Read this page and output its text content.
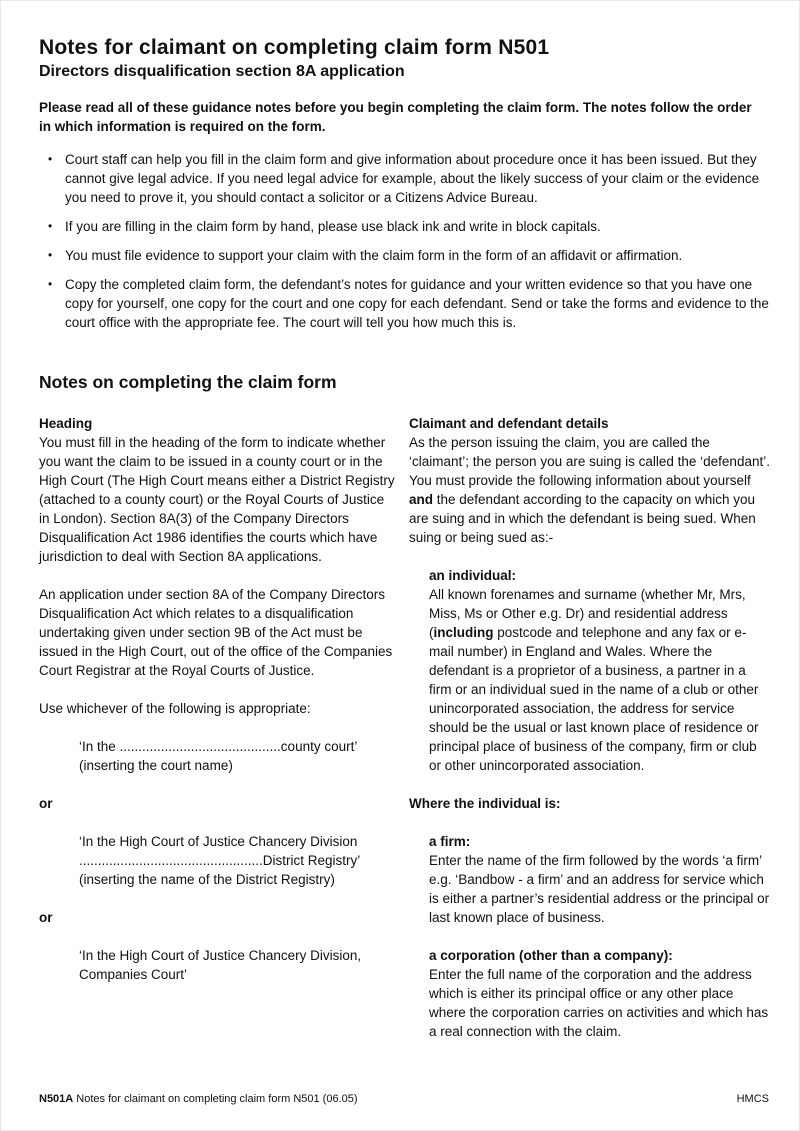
Notes for claimant on completing claim form N501
Directors disqualification section 8A application
Please read all of these guidance notes before you begin completing the claim form. The notes follow the order in which information is required on the form.
• Court staff can help you fill in the claim form and give information about procedure once it has been issued. But they cannot give legal advice. If you need legal advice for example, about the likely success of your claim or the evidence you need to prove it, you should contact a solicitor or a Citizens Advice Bureau.
• If you are filling in the claim form by hand, please use black ink and write in block capitals.
• You must file evidence to support your claim with the claim form in the form of an affidavit or affirmation.
• Copy the completed claim form, the defendant’s notes for guidance and your written evidence so that you have one copy for yourself, one copy for the court and one copy for each defendant. Send or take the forms and evidence to the court office with the appropriate fee. The court will tell you how much this is.
Notes on completing the claim form
Heading
You must fill in the heading of the form to indicate whether you want the claim to be issued in a county court or in the High Court (The High Court means either a District Registry (attached to a county court) or the Royal Courts of Justice in London). Section 8A(3) of the Company Directors Disqualification Act 1986 identifies the courts which have jurisdiction to deal with Section 8A applications.
An application under section 8A of the Company Directors Disqualification Act which relates to a disqualification undertaking given under section 9B of the Act must be issued in the High Court, out of the office of the Companies Court Registrar at the Royal Courts of Justice.
Use whichever of the following is appropriate:
‘In the ...........................................county court’
(inserting the court name)
or
‘In the High Court of Justice Chancery Division
.................................................District Registry’
(inserting the name of the District Registry)
or
‘In the High Court of Justice Chancery Division,
Companies Court’
Claimant and defendant details
As the person issuing the claim, you are called the ‘claimant’; the person you are suing is called the ‘defendant’. You must provide the following information about yourself and the defendant according to the capacity on which you are suing and in which the defendant is being sued. When suing or being sued as:-
an individual:
All known forenames and surname (whether Mr, Mrs, Miss, Ms or Other e.g. Dr) and residential address (including postcode and telephone and any fax or e-mail number) in England and Wales. Where the defendant is a proprietor of a business, a partner in a firm or an individual sued in the name of a club or other unincorporated association, the address for service should be the usual or last known place of residence or principal place of business of the company, firm or club or other unincorporated association.
Where the individual is:
a firm:
Enter the name of the firm followed by the words ‘a firm’ e.g. ‘Bandbow - a firm’ and an address for service which is either a partner’s residential address or the principal or last known place of business.
a corporation (other than a company):
Enter the full name of the corporation and the address which is either its principal office or any other place where the corporation carries on activities and which has a real connection with the claim.
N501A Notes for claimant on completing claim form N501 (06.05)	HMCS
